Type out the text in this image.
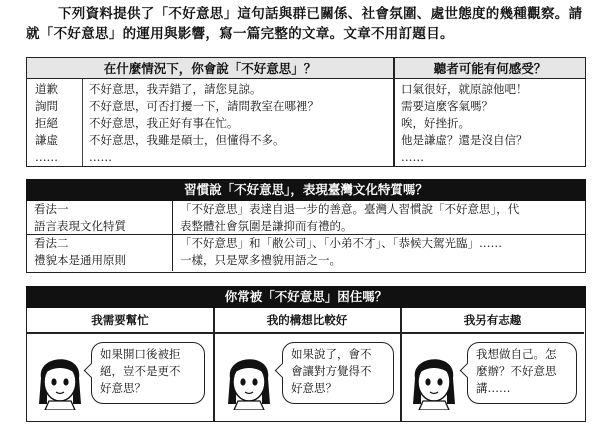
下列資料提供了「不好意思」這句話與群已關係、社會氛圍、處世態度的幾種觀察。請就「不好意思」的運用與影響，寫一篇完整的文章。文章不用訂題目。
在什麼情況下，你會說「不好意思」？	聽者可能有何感受？
道歉
詢問
拒絕
謙虛
……
不好意思，我弄錯了，請您見諒。
不好意思，可否打擾一下，請問教室在哪裡？
不好意思，我正好有事在忙。
不好意思，我雖是碩士，但懂得不多。
……
口氣很好，就原諒他吧！
需要這麼客氣嗎？
唉，好挫折。
他是謙虛？還是沒自信？
……
習慣說「不好意思」，表現臺灣文化特質嗎？
看法一
語言表現文化特質
「不好意思」表達自退一步的善意。臺灣人習慣說「不好意思」，代
表整體社會氛圍是謙抑而有禮的。
看法二
禮貌本是通用原則
「不好意思」和「敝公司」、「小弟不才」、「恭候大駕光臨」……
一樣，只是眾多禮貌用語之一。
你常被「不好意思」困住嗎？
我需要幫忙
如果開口後被拒
絕，豈不是更不
好意思？
我的構想比較好
如果說了，會不
會讓對方覺得不
好意思？
我另有志趣
我想做自己。怎
麼辦？不好意思
講……
